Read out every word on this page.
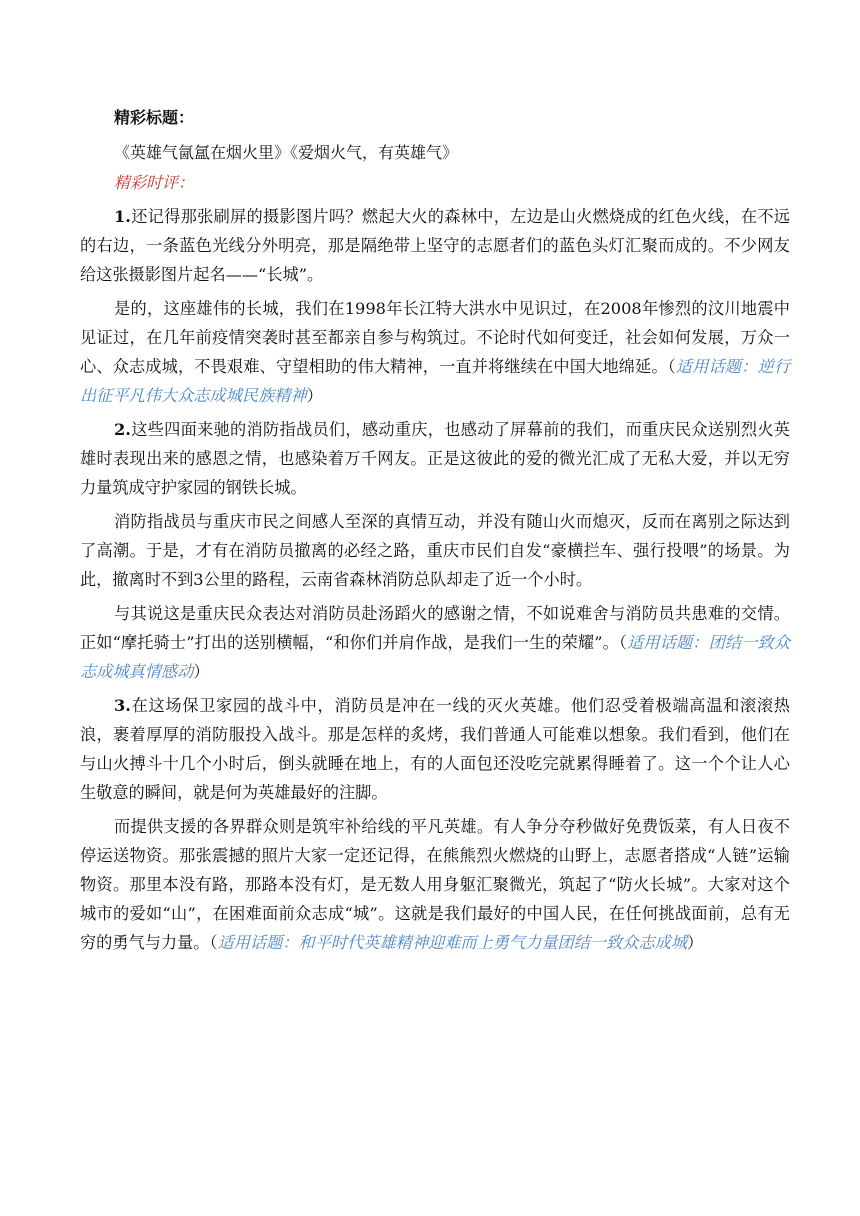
精彩标题：
《英雄气氤氲在烟火里》《爱烟火气，有英雄气》
精彩时评：

1.还记得那张刷屏的摄影图片吗？燃起大火的森林中，左边是山火燃烧成的红色火线，在不远的右边，一条蓝色光线分外明亮，那是隔绝带上坚守的志愿者们的蓝色头灯汇聚而成的。不少网友给这张摄影图片起名——“长城”。

是的，这座雄伟的长城，我们在1998年长江特大洪水中见识过，在2008年惨烈的汶川地震中见证过，在几年前疫情突袭时甚至都亲自参与构筑过。不论时代如何变迁，社会如何发展，万众一心、众志成城，不畏艰难、守望相助的伟大精神，一直并将继续在中国大地绵延。（适用话题：逆行出征平凡伟大众志成城民族精神）

2.这些四面来驰的消防指战员们，感动重庆，也感动了屏幕前的我们，而重庆民众送别烈火英雄时表现出来的感恩之情，也感染着万千网友。正是这彼此的爱的微光汇成了无私大爱，并以无穷力量筑成守护家园的钢铁长城。

消防指战员与重庆市民之间感人至深的真情互动，并没有随山火而熄灭，反而在离别之际达到了高潮。于是，才有在消防员撤离的必经之路，重庆市民们自发“豪横拦车、强行投喂”的场景。为此，撤离时不到3公里的路程，云南省森林消防总队却走了近一个小时。

与其说这是重庆民众表达对消防员赴汤蹈火的感谢之情，不如说难舍与消防员共患难的交情。正如“摩托骑士”打出的送别横幅，“和你们并肩作战，是我们一生的荣耀”。（适用话题：团结一致众志成城真情感动）

3.在这场保卫家园的战斗中，消防员是冲在一线的灭火英雄。他们忍受着极端高温和滚滚热浪，裹着厚厚的消防服投入战斗。那是怎样的炙烤，我们普通人可能难以想象。我们看到，他们在与山火搏斗十几个小时后，倒头就睡在地上，有的人面包还没吃完就累得睡着了。这一个个让人心生敬意的瞬间，就是何为英雄最好的注脚。

而提供支援的各界群众则是筑牢补给线的平凡英雄。有人争分夺秒做好免费饭菜，有人日夜不停运送物资。那张震撼的照片大家一定还记得，在熊熊烈火燃烧的山野上，志愿者搭成“人链”运输物资。那里本没有路，那路本没有灯，是无数人用身躯汇聚微光，筑起了“防火长城”。大家对这个城市的爱如“山”，在困难面前众志成“城”。这就是我们最好的中国人民，在任何挑战面前，总有无穷的勇气与力量。（适用话题：和平时代英雄精神迎难而上勇气力量团结一致众志成城）
